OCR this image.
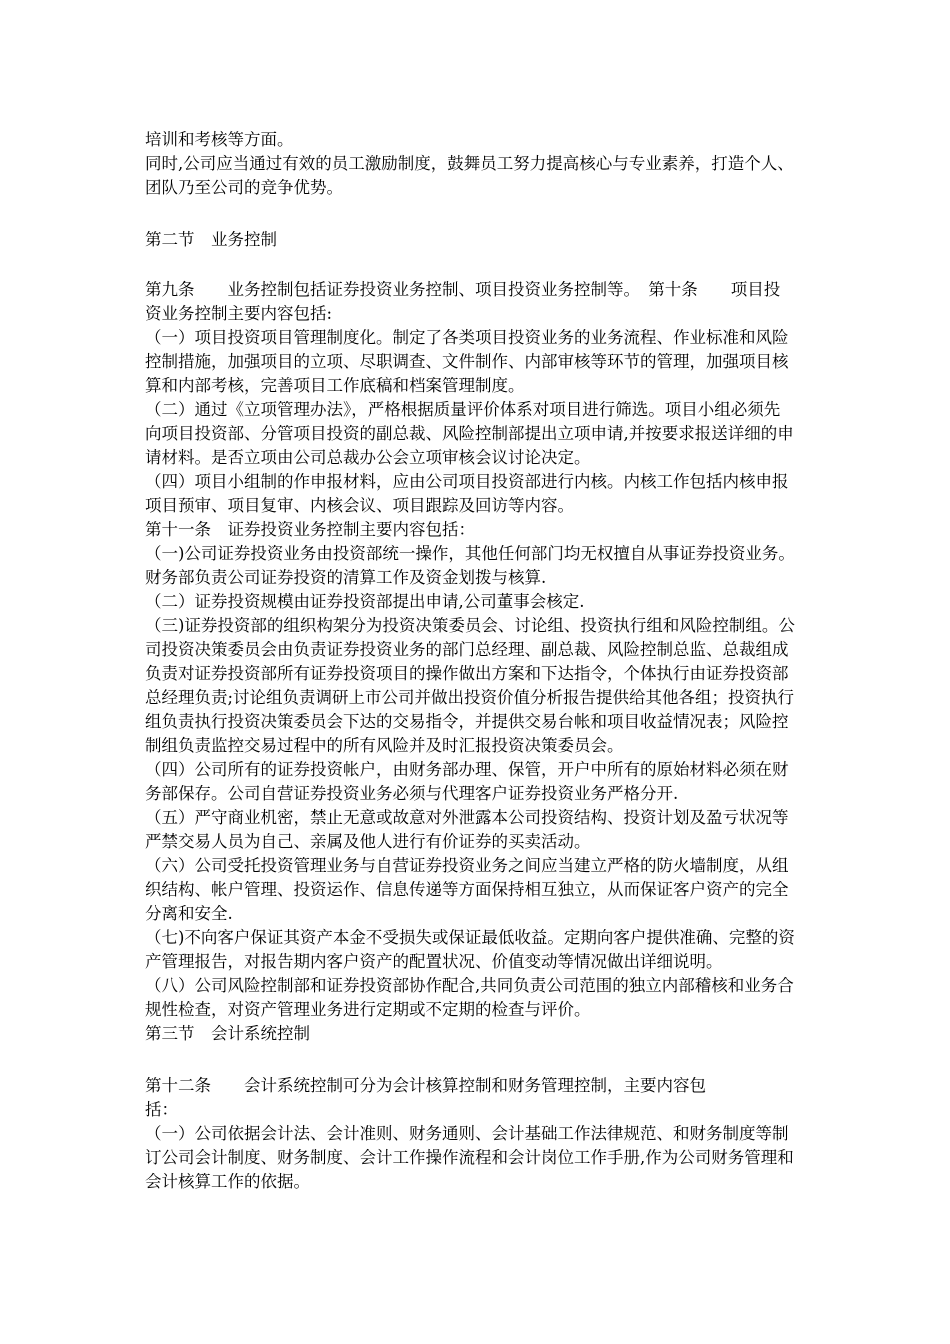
培训和考核等方面。
同时,公司应当通过有效的员工激励制度，鼓舞员工努力提高核心与专业素养，打造个人、
团队乃至公司的竞争优势。
第二节　业务控制
第九条　　业务控制包括证券投资业务控制、项目投资业务控制等。　第十条　　项目投
资业务控制主要内容包括:
（一）项目投资项目管理制度化。制定了各类项目投资业务的业务流程、作业标准和风险
控制措施，加强项目的立项、尽职调查、文件制作、内部审核等环节的管理，加强项目核
算和内部考核，完善项目工作底稿和档案管理制度。
（二）通过《立项管理办法》，严格根据质量评价体系对项目进行筛选。项目小组必须先
向项目投资部、分管项目投资的副总裁、风险控制部提出立项申请,并按要求报送详细的申
请材料。是否立项由公司总裁办公会立项审核会议讨论决定。
（四）项目小组制的作申报材料，应由公司项目投资部进行内核。内核工作包括内核申报
项目预审、项目复审、内核会议、项目跟踪及回访等内容。
第十一条　证券投资业务控制主要内容包括：
（一)公司证券投资业务由投资部统一操作，其他任何部门均无权擅自从事证券投资业务。
财务部负责公司证券投资的清算工作及资金划拨与核算.
（二）证券投资规模由证券投资部提出申请,公司董事会核定.
（三)证券投资部的组织构架分为投资决策委员会、讨论组、投资执行组和风险控制组。公
司投资决策委员会由负责证券投资业务的部门总经理、副总裁、风险控制总监、总裁组成
负责对证券投资部所有证券投资项目的操作做出方案和下达指令，个体执行由证券投资部
总经理负责;讨论组负责调研上市公司并做出投资价值分析报告提供给其他各组；投资执行
组负责执行投资决策委员会下达的交易指令，并提供交易台帐和项目收益情况表；风险控
制组负责监控交易过程中的所有风险并及时汇报投资决策委员会。
（四）公司所有的证券投资帐户，由财务部办理、保管，开户中所有的原始材料必须在财
务部保存。公司自营证券投资业务必须与代理客户证券投资业务严格分开.
（五）严守商业机密，禁止无意或故意对外泄露本公司投资结构、投资计划及盈亏状况等
严禁交易人员为自己、亲属及他人进行有价证券的买卖活动。
（六）公司受托投资管理业务与自营证券投资业务之间应当建立严格的防火墙制度，从组
织结构、帐户管理、投资运作、信息传递等方面保持相互独立，从而保证客户资产的完全
分离和安全.
（七)不向客户保证其资产本金不受损失或保证最低收益。定期向客户提供准确、完整的资
产管理报告，对报告期内客户资产的配置状况、价值变动等情况做出详细说明。
（八）公司风险控制部和证券投资部协作配合,共同负责公司范围的独立内部稽核和业务合
规性检查，对资产管理业务进行定期或不定期的检查与评价。
第三节　会计系统控制
第十二条　　会计系统控制可分为会计核算控制和财务管理控制，主要内容包
括：
（一）公司依据会计法、会计准则、财务通则、会计基础工作法律规范、和财务制度等制
订公司会计制度、财务制度、会计工作操作流程和会计岗位工作手册,作为公司财务管理和
会计核算工作的依据。
